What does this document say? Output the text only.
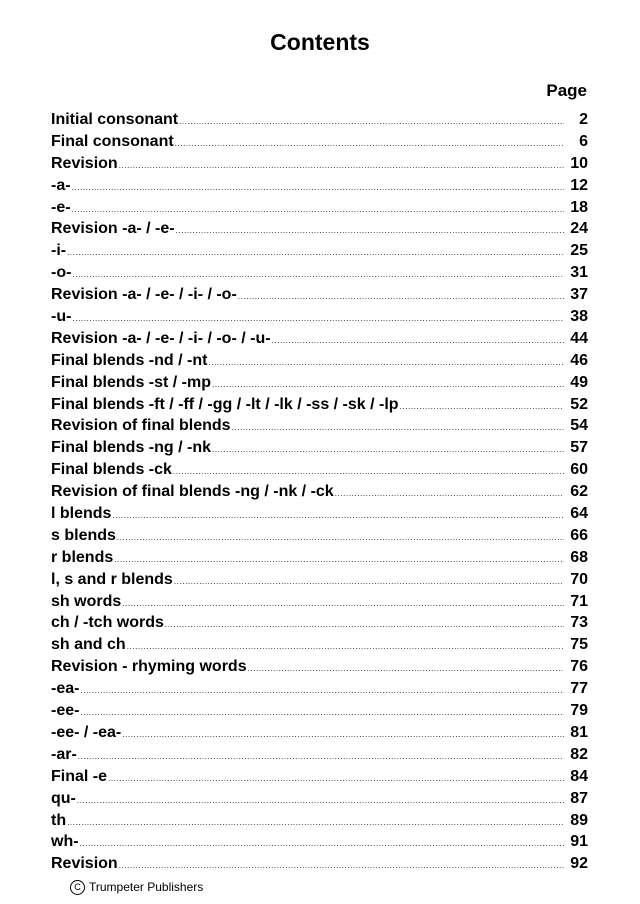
Contents
Page
Initial consonant .....	2
Final consonant .....	6
Revision .....	10
-a- .....	12
-e- .....	18
Revision -a- / -e- .....	24
-i- .....	25
-o- .....	31
Revision -a- / -e- / -i- / -o- .....	37
-u- .....	38
Revision -a- / -e- / -i- / -o- / -u- .....	44
Final blends -nd / -nt .....	46
Final blends -st / -mp .....	49
Final blends -ft / -ff / -gg / -lt / -lk / -ss / -sk / -lp .....	52
Revision of final blends .....	54
Final blends -ng / -nk .....	57
Final blends -ck .....	60
Revision of final blends -ng / -nk / -ck .....	62
l blends .....	64
s blends .....	66
r blends .....	68
l, s and r blends .....	70
sh words .....	71
ch / -tch words .....	73
sh and ch .....	75
Revision - rhyming words .....	76
-ea- .....	77
-ee- .....	79
-ee- / -ea- .....	81
-ar- .....	82
Final -e .....	84
qu- .....	87
th .....	89
wh- .....	91
Revision .....	92
C Trumpeter Publishers
